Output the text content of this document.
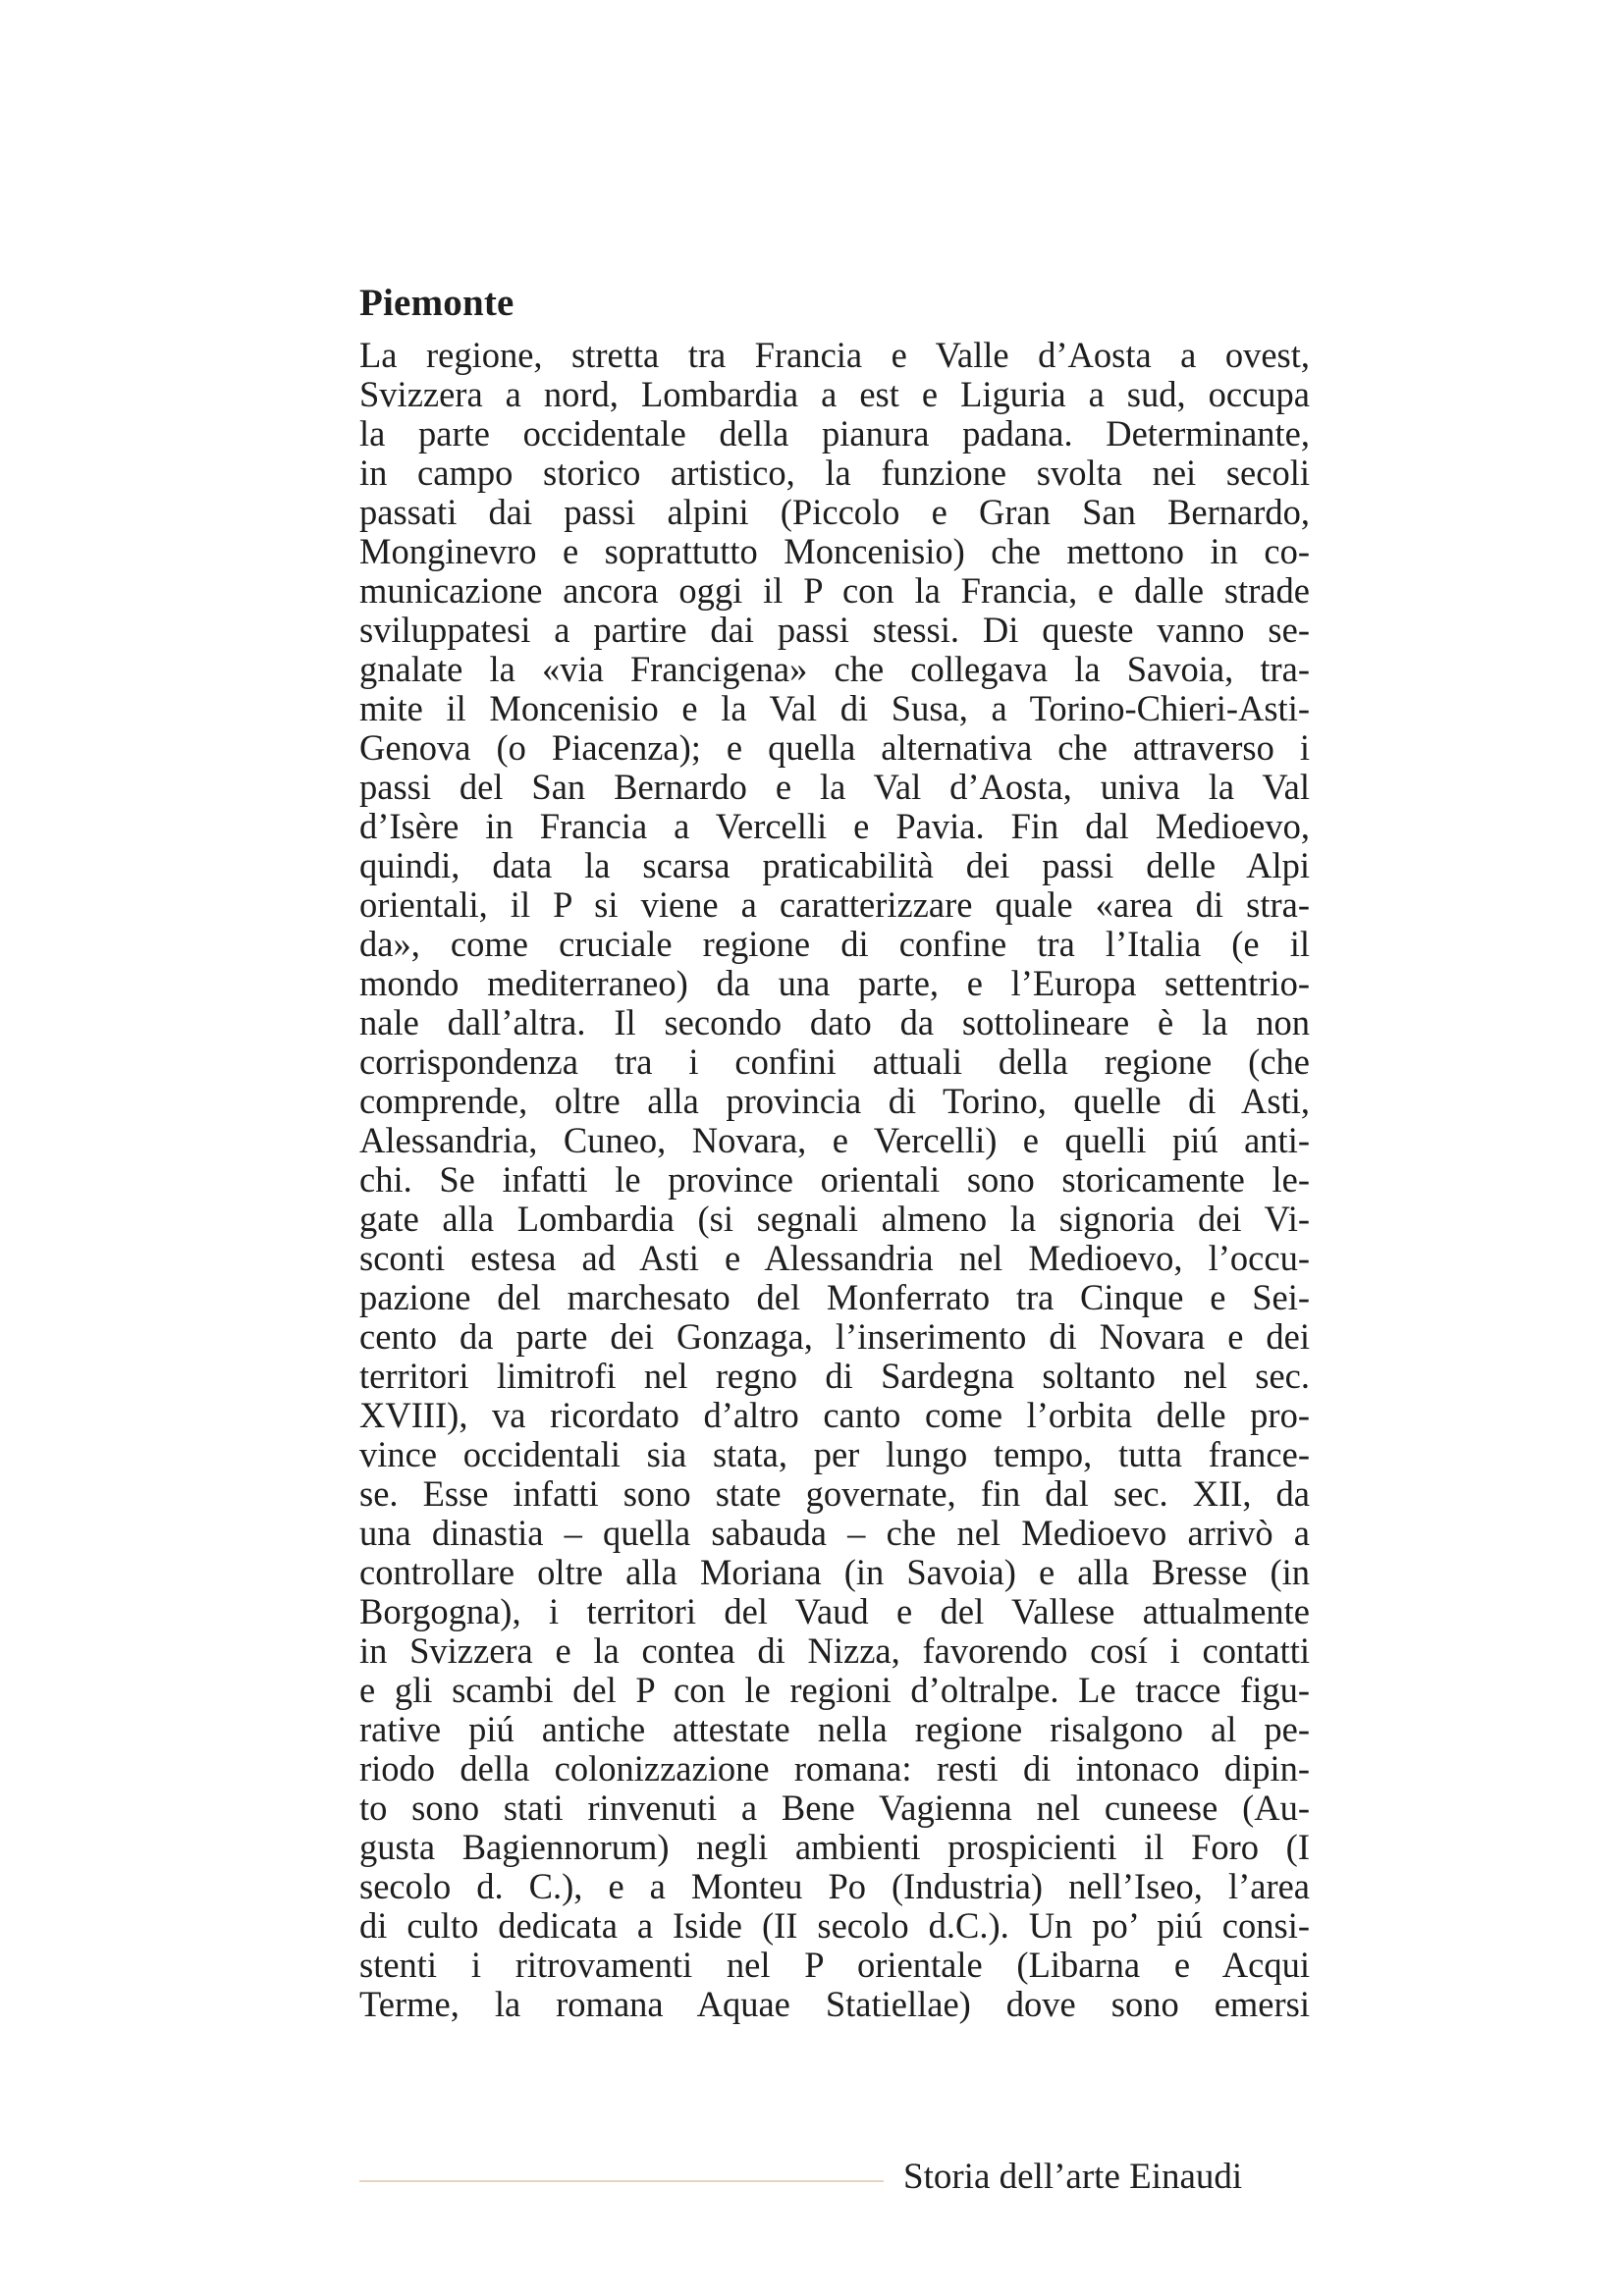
Piemonte
La regione, stretta tra Francia e Valle d’Aosta a ovest,
Svizzera a nord, Lombardia a est e Liguria a sud, occupa
la parte occidentale della pianura padana. Determinante,
in campo storico artistico, la funzione svolta nei secoli
passati dai passi alpini (Piccolo e Gran San Bernardo,
Monginevro e soprattutto Moncenisio) che mettono in co-
municazione ancora oggi il P con la Francia, e dalle strade
sviluppatesi a partire dai passi stessi. Di queste vanno se-
gnalate la «via Francigena» che collegava la Savoia, tra-
mite il Moncenisio e la Val di Susa, a Torino-Chieri-Asti-
Genova (o Piacenza); e quella alternativa che attraverso i
passi del San Bernardo e la Val d’Aosta, univa la Val
d’Isère in Francia a Vercelli e Pavia. Fin dal Medioevo,
quindi, data la scarsa praticabilità dei passi delle Alpi
orientali, il P si viene a caratterizzare quale «area di stra-
da», come cruciale regione di confine tra l’Italia (e il
mondo mediterraneo) da una parte, e l’Europa settentrio-
nale dall’altra. Il secondo dato da sottolineare è la non
corrispondenza tra i confini attuali della regione (che
comprende, oltre alla provincia di Torino, quelle di Asti,
Alessandria, Cuneo, Novara, e Vercelli) e quelli piú anti-
chi. Se infatti le province orientali sono storicamente le-
gate alla Lombardia (si segnali almeno la signoria dei Vi-
sconti estesa ad Asti e Alessandria nel Medioevo, l’occu-
pazione del marchesato del Monferrato tra Cinque e Sei-
cento da parte dei Gonzaga, l’inserimento di Novara e dei
territori limitrofi nel regno di Sardegna soltanto nel sec.
XVIII), va ricordato d’altro canto come l’orbita delle pro-
vince occidentali sia stata, per lungo tempo, tutta france-
se. Esse infatti sono state governate, fin dal sec. XII, da
una dinastia – quella sabauda – che nel Medioevo arrivò a
controllare oltre alla Moriana (in Savoia) e alla Bresse (in
Borgogna), i territori del Vaud e del Vallese attualmente
in Svizzera e la contea di Nizza, favorendo cosí i contatti
e gli scambi del P con le regioni d’oltralpe. Le tracce figu-
rative piú antiche attestate nella regione risalgono al pe-
riodo della colonizzazione romana: resti di intonaco dipin-
to sono stati rinvenuti a Bene Vagienna nel cuneese (Au-
gusta Bagiennorum) negli ambienti prospicienti il Foro (I
secolo d. C.), e a Monteu Po (Industria) nell’Iseo, l’area
di culto dedicata a Iside (II secolo d.C.). Un po’ piú consi-
stenti i ritrovamenti nel P orientale (Libarna e Acqui
Terme, la romana Aquae Statiellae) dove sono emersi
Storia dell’arte Einaudi
